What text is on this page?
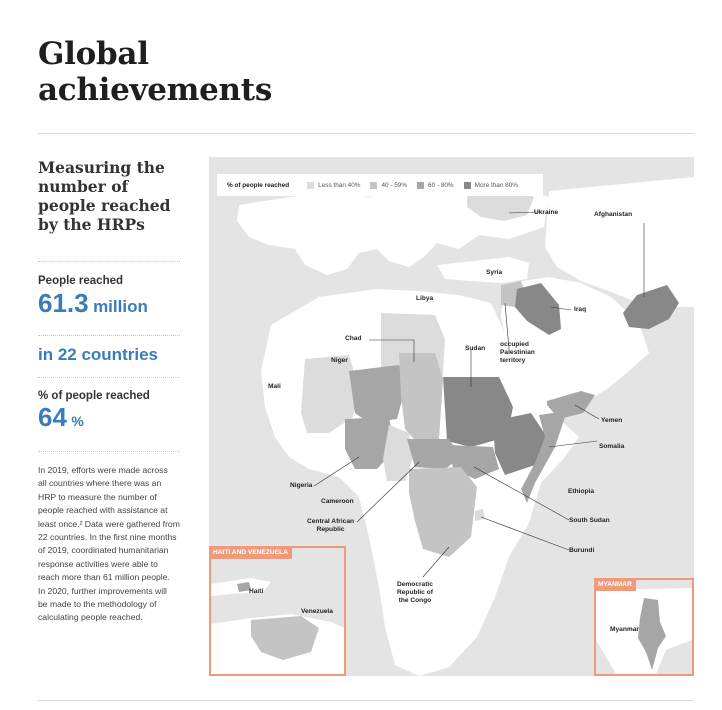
Global
achievements
Measuring the
number of
people reached
by the HRPs
People reached
61.3 million
in 22 countries
% of people reached
64 %
In 2019, efforts were made across
all countries where there was an
HRP to measure the number of
people reached with assistance at
least once.² Data were gathered from
22 countries. In the first nine months
of 2019, coordinated humanitarian
response activities were able to
reach more than 61 million people.
In 2020, further improvements will
be made to the methodology of
calculating people reached.
% of people reached	Less than 40%	40 - 59%	60 - 80%	More than 80%
Ukraine	Afghanistan
Syria
Libya
Iraq
Chad
Sudan
occupied
Palestinian
territory
Niger
Mali
Yemen
Somalia
Nigeria
Ethiopia
Cameroon
Central African
Republic
South Sudan
Burundi
Democratic
Republic of
the Congo
Haiti
Venezuela
HAITI AND VENEZUELA
Myanmar
MYANMAR
